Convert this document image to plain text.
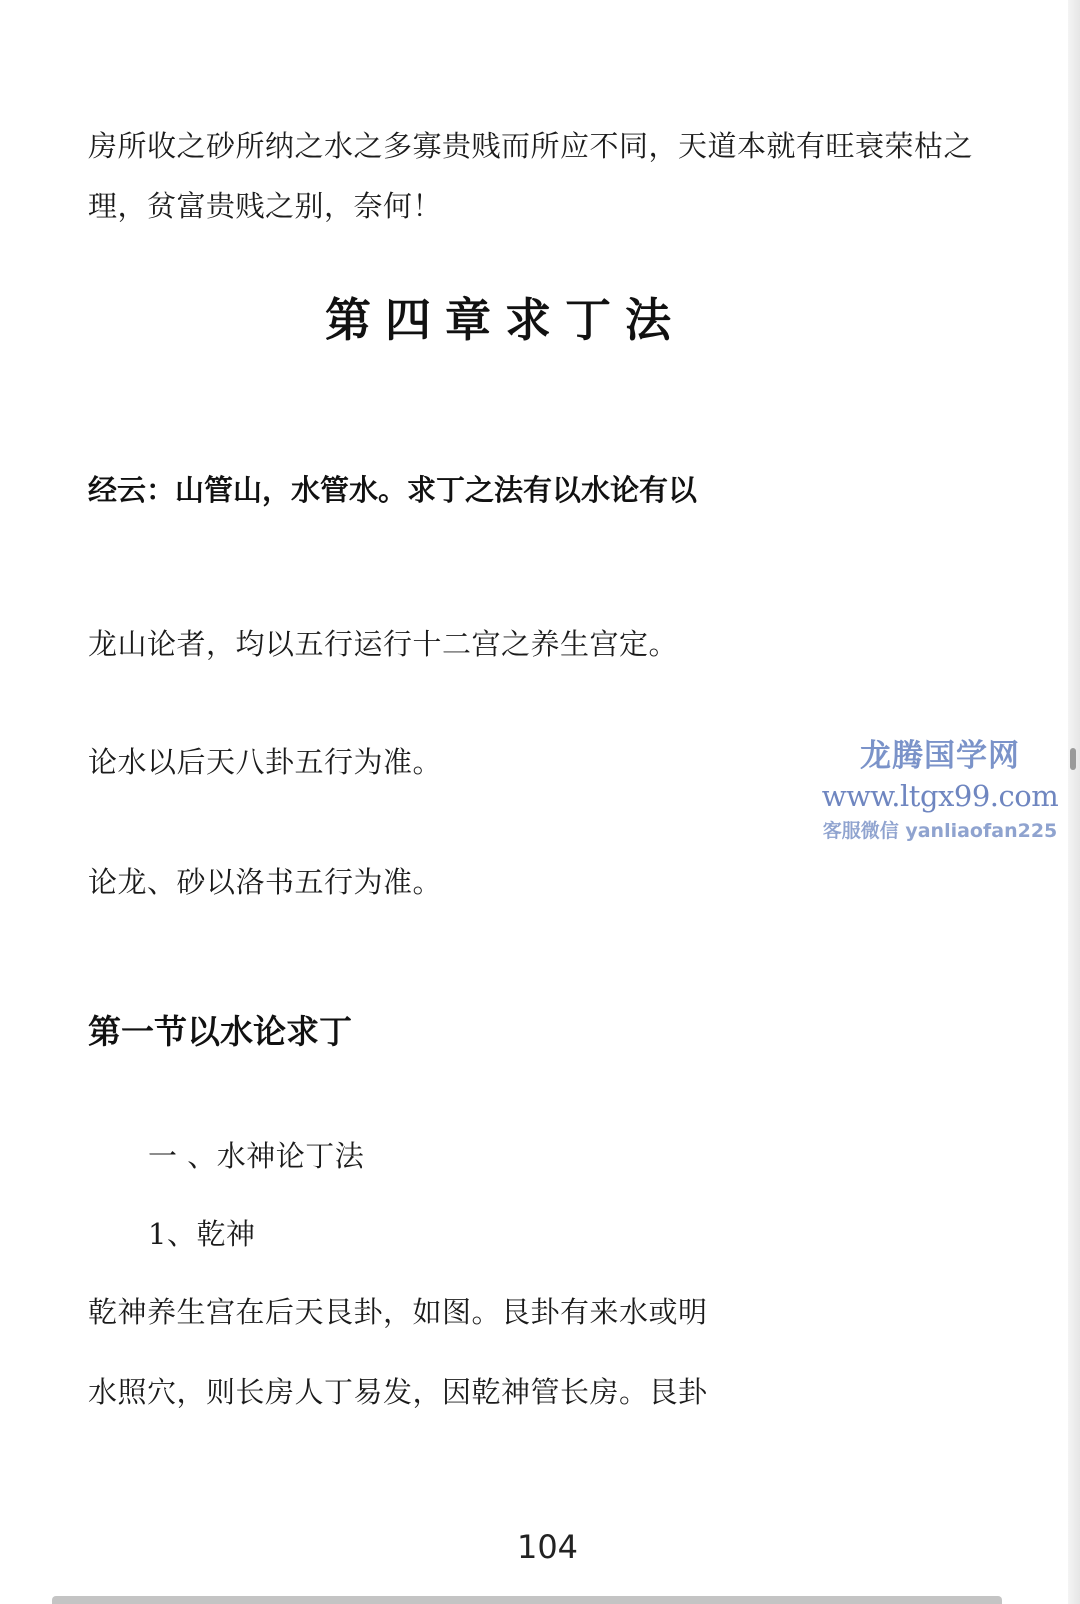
房所收之砂所纳之水之多寡贵贱而所应不同，天道本就有旺衰荣枯之
理，贫富贵贱之别，奈何！
第四章求丁法
经云：山管山，水管水。求丁之法有以水论有以
龙山论者，均以五行运行十二宫之养生宫定。
论水以后天八卦五行为准。
论龙、砂以洛书五行为准。
第一节以水论求丁
一 、水神论丁法
1、乾神
乾神养生宫在后天艮卦，如图。艮卦有来水或明
水照穴，则长房人丁易发，因乾神管长房。艮卦
104
龙腾国学网
www.ltgx99.com
客服微信 yanliaofan225
